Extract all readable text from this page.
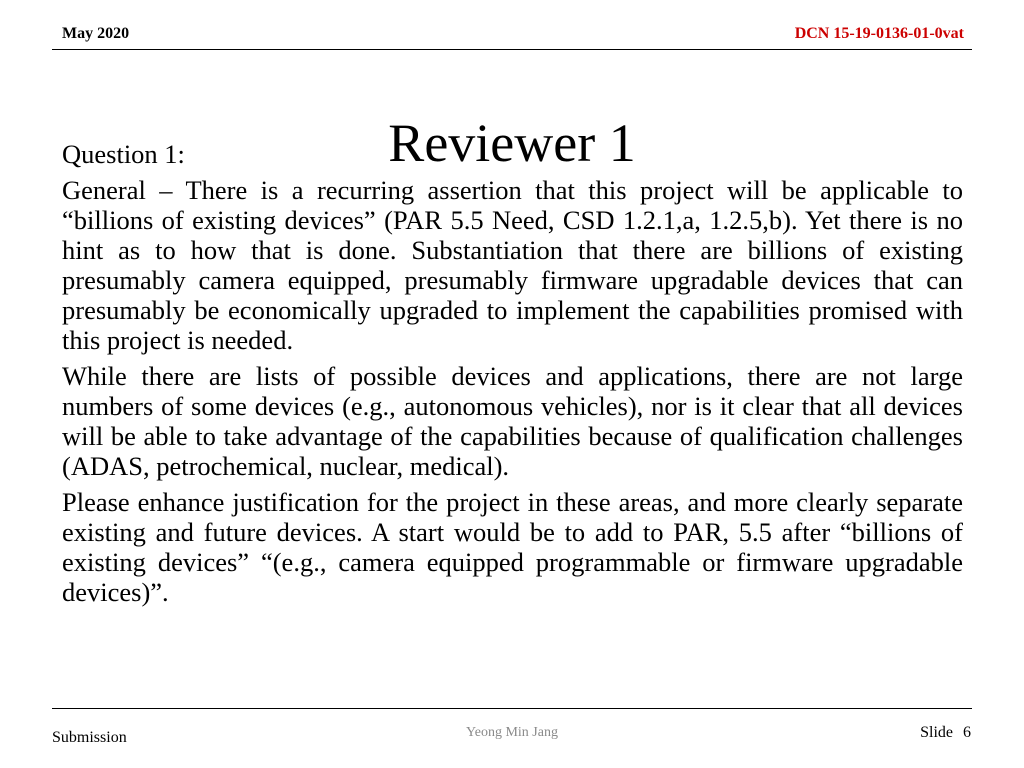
May 2020	DCN 15-19-0136-01-0vat
Reviewer 1

Question 1:

General – There is a recurring assertion that this project will be applicable to “billions of existing devices” (PAR 5.5 Need, CSD 1.2.1,a, 1.2.5,b). Yet there is no hint as to how that is done. Substantiation that there are billions of existing presumably camera equipped, presumably firmware upgradable devices that can presumably be economically upgraded to implement the capabilities promised with this project is needed.

While there are lists of possible devices and applications, there are not large numbers of some devices (e.g., autonomous vehicles), nor is it clear that all devices will be able to take advantage of the capabilities because of qualification challenges (ADAS, petrochemical, nuclear, medical).

Please enhance justification for the project in these areas, and more clearly separate existing and future devices. A start would be to add to PAR, 5.5 after “billions of existing devices” “(e.g., camera equipped programmable or firmware upgradable devices)”.

Submission	Yeong Min Jang	Slide 6
